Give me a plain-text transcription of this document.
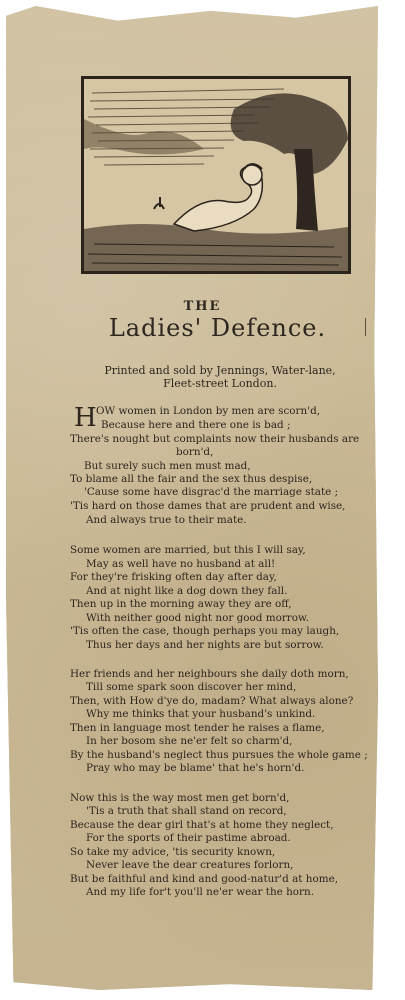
THE
Ladies' Defence.
Printed and sold by Jennings, Water-lane,
Fleet-street London.
H OW women in London by men are scorn'd,
Because here and there one is bad ;
There's nought but complaints now their husbands are
born'd,
But surely such men must mad,
To blame all the fair and the sex thus despise,
'Cause some have disgrac'd the marriage state ;
'Tis hard on those dames that are prudent and wise,
And always true to their mate.
Some women are married, but this I will say,
May as well have no husband at all!
For they're frisking often day after day,
And at night like a dog down they fall.
Then up in the morning away they are off,
With neither good night nor good morrow.
'Tis often the case, though perhaps you may laugh,
Thus her days and her nights are but sorrow.
Her friends and her neighbours she daily doth morn,
Till some spark soon discover her mind,
Then, with How d'ye do, madam? What always alone?
Why me thinks that your husband's unkind.
Then in language most tender he raises a flame,
In her bosom she ne'er felt so charm'd,
By the husband's neglect thus pursues the whole game ;
Pray who may be blame' that he's horn'd.
Now this is the way most men get born'd,
'Tis a truth that shall stand on record,
Because the dear girl that's at home they neglect,
For the sports of their pastime abroad.
So take my advice, 'tis security known,
Never leave the dear creatures forlorn,
But be faithful and kind and good-natur'd at home,
And my life for't you'll ne'er wear the horn.
